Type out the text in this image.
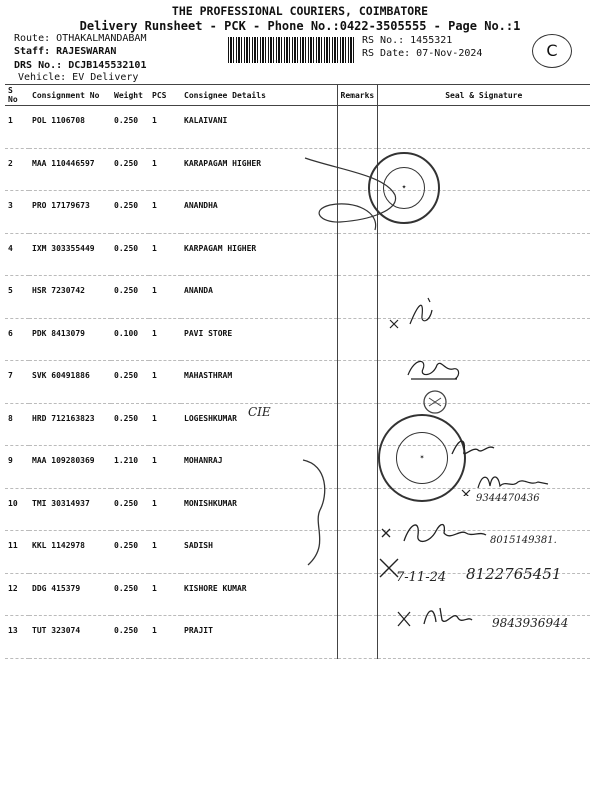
THE PROFESSIONAL COURIERS, COIMBATORE
Delivery Runsheet - PCK - Phone No.:0422-3505555 - Page No.:1
Route: OTHAKALMANDABAM
Staff: RAJESWARAN
DRS No.: DCJB145532101
Vehicle: EV Delivery
RS No.: 1455321
RS Date: 07-Nov-2024	C
S No	Consignment No	Weight	PCS	Consignee Details	Remarks	Seal & Signature
1	POL 1106708	0.250	1	KALAIVANI		
2	MAA 110446597	0.250	1	KARAPAGAM HIGHER		
3	PRO 17179673	0.250	1	ANANDHA		
4	IXM 303355449	0.250	1	KARPAGAM HIGHER		
5	HSR 7230742	0.250	1	ANANDA		
6	PDK 8413079	0.100	1	PAVI STORE		
7	SVK 60491886	0.250	1	MAHASTHRAM		
8	HRD 712163823	0.250	1	LOGESHKUMAR		
9	MAA 109280369	1.210	1	MOHANRAJ		
10	TMI 30314937	0.250	1	MONISHKUMAR		
11	KKL 1142978	0.250	1	SADISH		
12	DDG 415379	0.250	1	KISHORE KUMAR		
13	TUT 323074	0.250	1	PRAJIT		
✦
CIE
✶
9344470436
8015149381.
7-11-24 8122765451
9843936944
